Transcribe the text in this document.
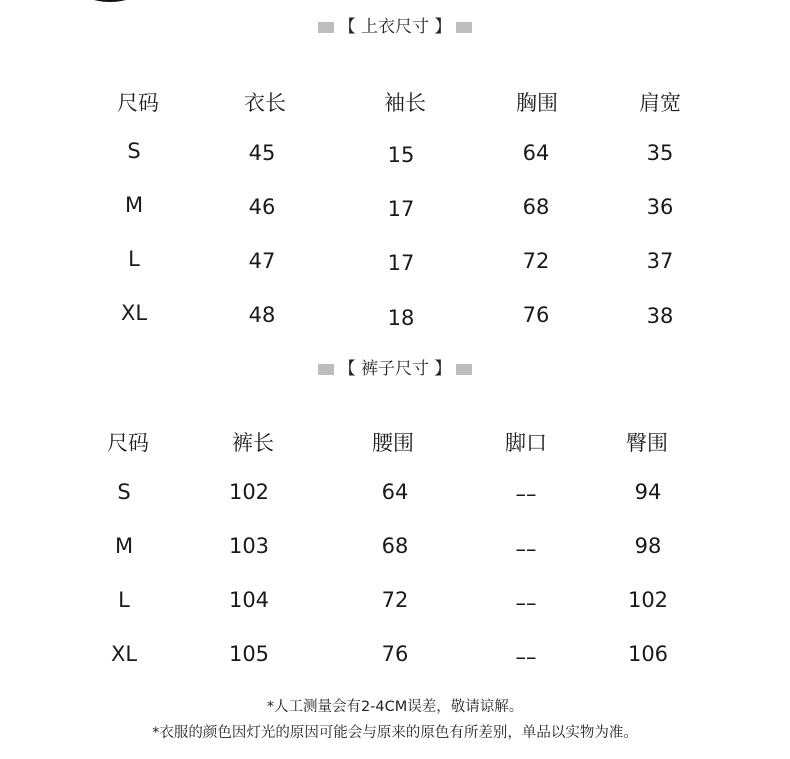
【 上衣尺寸 】
尺码	衣长	袖长	胸围	肩宽
S	45	15	64	35
M	46	17	68	36
L	47	17	72	37
XL	48	18	76	38
【 裤子尺寸 】
尺码	裤长	腰围	脚口	臀围
S	102	64	––	94
M	103	68	––	98
L	104	72	––	102
XL	105	76	––	106
*人工测量会有2-4CM误差，敬请谅解。
*衣服的颜色因灯光的原因可能会与原来的原色有所差别，单品以实物为准。
